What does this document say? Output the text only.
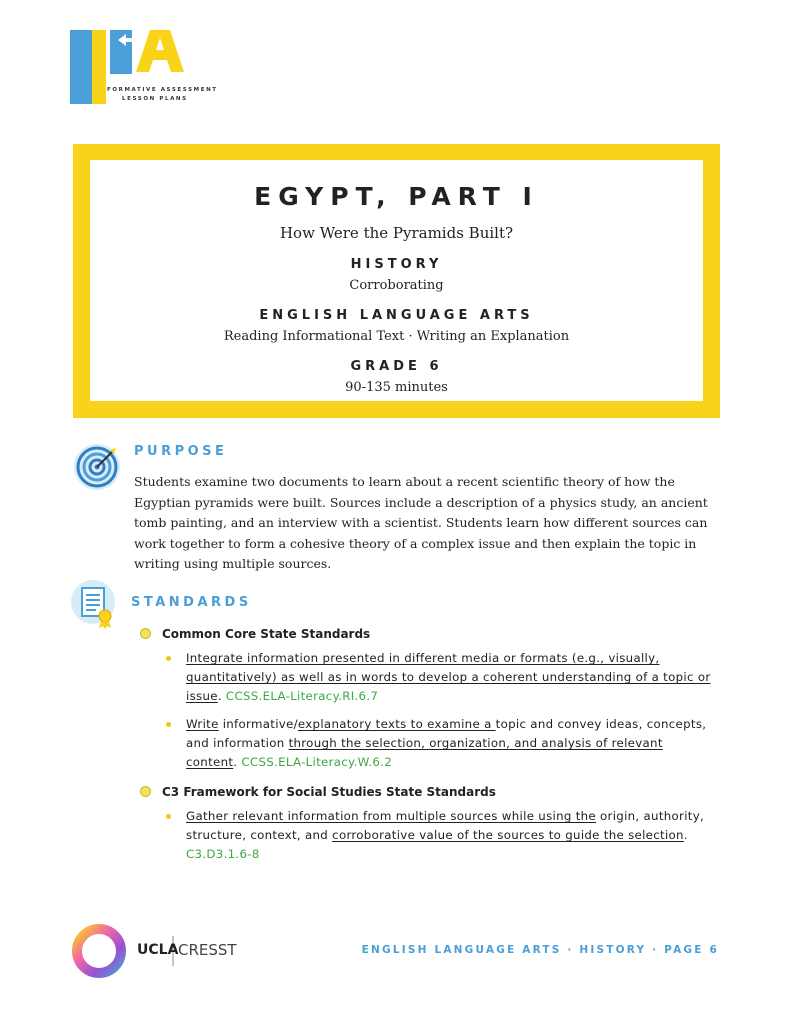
FORMATIVE ASSESSMENT
LESSON PLANS
EGYPT, PART I
How Were the Pyramids Built?
HISTORY
Corroborating
ENGLISH LANGUAGE ARTS
Reading Informational Text · Writing an Explanation
GRADE 6
90-135 minutes
PURPOSE
Students examine two documents to learn about a recent scientific theory of how the Egyptian pyramids were built. Sources include a description of a physics study, an ancient tomb painting, and an interview with a scientist. Students learn how different sources can work together to form a cohesive theory of a complex issue and then explain the topic in writing using multiple sources.
STANDARDS
Common Core State Standards
Integrate information presented in different media or formats (e.g., visually, quantitatively) as well as in words to develop a coherent understanding of a topic or issue. CCSS.ELA-Literacy.RI.6.7
Write informative/explanatory texts to examine a topic and convey ideas, concepts, and information through the selection, organization, and analysis of relevant content. CCSS.ELA-Literacy.W.6.2
C3 Framework for Social Studies State Standards
Gather relevant information from multiple sources while using the origin, authority, structure, context, and corroborative value of the sources to guide the selection. C3.D3.1.6-8
UCLA CRESST	ENGLISH LANGUAGE ARTS · HISTORY · PAGE 6
